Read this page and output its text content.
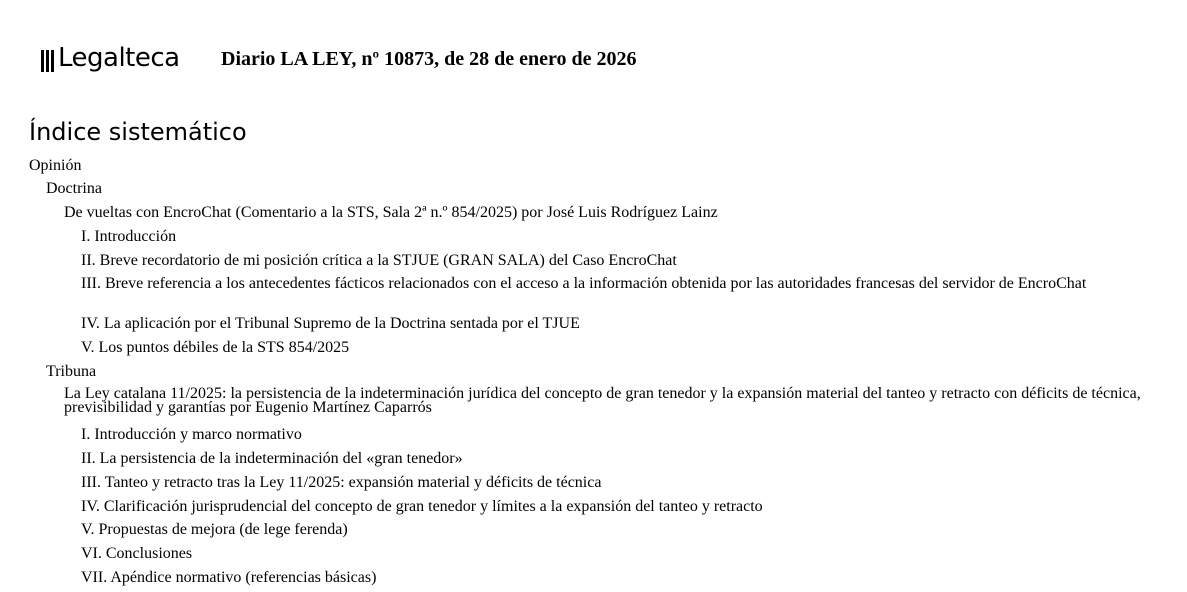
Legalteca Diario LA LEY, nº 10873, de 28 de enero de 2026
Índice sistemático
Opinión
Doctrina
De vueltas con EncroChat (Comentario a la STS, Sala 2ª n.º 854/2025) por José Luis Rodríguez Lainz
I. Introducción
II. Breve recordatorio de mi posición crítica a la STJUE (GRAN SALA) del Caso EncroChat
III. Breve referencia a los antecedentes fácticos relacionados con el acceso a la información obtenida por las autoridades francesas del servidor de EncroChat
IV. La aplicación por el Tribunal Supremo de la Doctrina sentada por el TJUE
V. Los puntos débiles de la STS 854/2025
Tribuna
La Ley catalana 11/2025: la persistencia de la indeterminación jurídica del concepto de gran tenedor y la expansión material del tanteo y retracto con déficits de técnica, previsibilidad y garantías por Eugenio Martínez Caparrós
I. Introducción y marco normativo
II. La persistencia de la indeterminación del «gran tenedor»
III. Tanteo y retracto tras la Ley 11/2025: expansión material y déficits de técnica
IV. Clarificación jurisprudencial del concepto de gran tenedor y límites a la expansión del tanteo y retracto
V. Propuestas de mejora (de lege ferenda)
VI. Conclusiones
VII. Apéndice normativo (referencias básicas)
